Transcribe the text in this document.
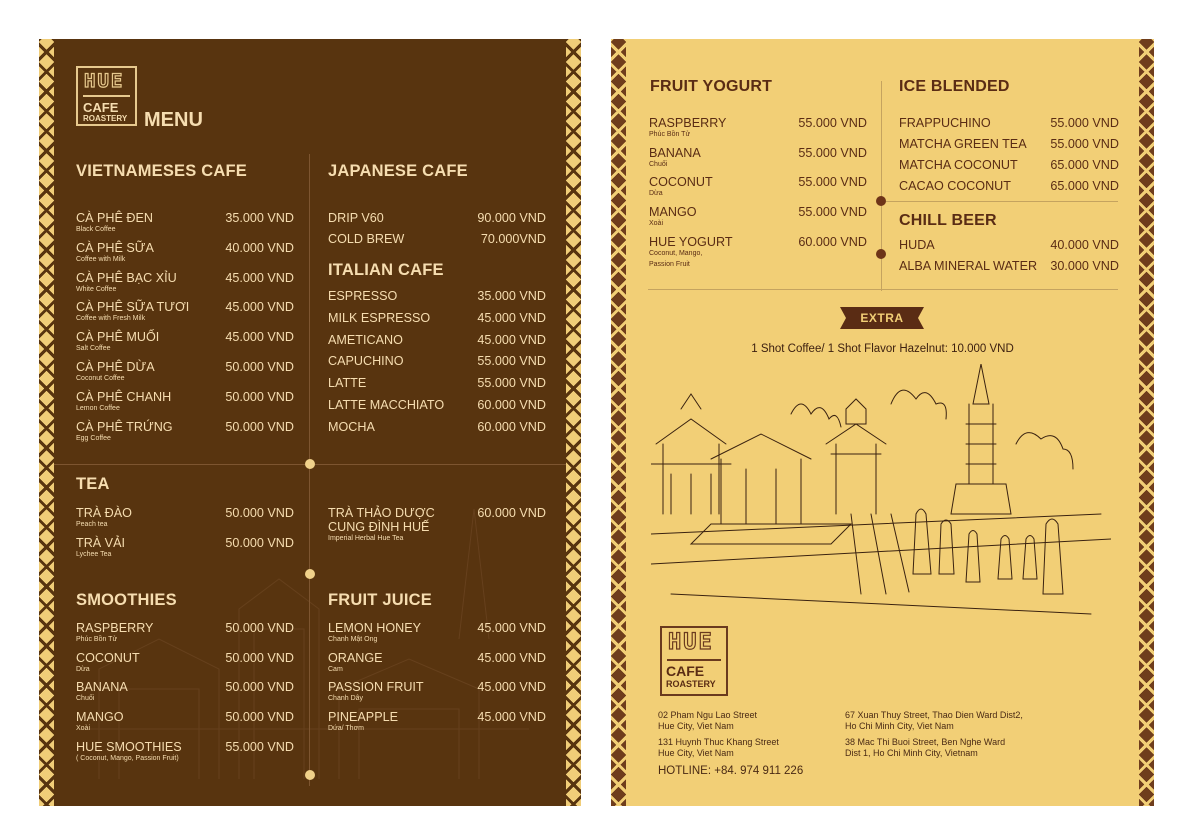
HUE
CAFE
ROASTERY MENU
VIETNAMESES CAFE
CÀ PHÊ ĐEN
Black Coffee
35.000 VND
CÀ PHÊ SỮA
Coffee with Milk
40.000 VND
CÀ PHÊ BẠC XỈU
White Coffee
45.000 VND
CÀ PHÊ SỮA TƯƠI
Coffee with Fresh Milk
45.000 VND
CÀ PHÊ MUỐI
Salt Coffee
45.000 VND
CÀ PHÊ DỪA
Coconut Coffee
50.000 VND
CÀ PHÊ CHANH
Lemon Coffee
50.000 VND
CÀ PHÊ TRỨNG
Egg Coffee
50.000 VND
JAPANESE CAFE
DRIP V60	90.000 VND
COLD BREW	70.000VND
ITALIAN CAFE
ESPRESSO	35.000 VND
MILK ESPRESSO	45.000 VND
AMETICANO	45.000 VND
CAPUCHINO	55.000 VND
LATTE	55.000 VND
LATTE MACCHIATO	60.000 VND
MOCHA	60.000 VND
TEA
TRÀ ĐÀO
Peach tea
50.000 VND
TRÀ VẢI
Lychee Tea
50.000 VND
TRÀ THẢO DƯỢC
CUNG ĐÌNH HUẾ
Imperial Herbal Hue Tea
60.000 VND
SMOOTHIES
RASPBERRY
Phúc Bồn Tử
50.000 VND
COCONUT
Dừa
50.000 VND
BANANA
Chuối
50.000 VND
MANGO
Xoài
50.000 VND
HUE SMOOTHIES
( Coconut, Mango, Passion Fruit)
55.000 VND
FRUIT JUICE
LEMON HONEY
Chanh Mật Ong
45.000 VND
ORANGE
Cam
45.000 VND
PASSION FRUIT
Chanh Dây
45.000 VND
PINEAPPLE
Dứa/ Thơm
45.000 VND
FRUIT YOGURT
RASPBERRY
Phúc Bồn Tử
55.000 VND
BANANA
Chuối
55.000 VND
COCONUT
Dừa
55.000 VND
MANGO
Xoài
55.000 VND
HUE YOGURT
Coconut, Mango,
60.000 VND
Passion Fruit
ICE BLENDED
FRAPPUCHINO	55.000 VND
MATCHA GREEN TEA	55.000 VND
MATCHA COCONUT	65.000 VND
CACAO COCONUT	65.000 VND
CHILL BEER
HUDA	40.000 VND
ALBA MINERAL WATER	30.000 VND
EXTRA
1 Shot Coffee/ 1 Shot Flavor Hazelnut: 10.000 VND
HUE
CAFE
ROASTERY
02 Pham Ngu Lao Street
Hue City, Viet Nam
131 Huynh Thuc Khang Street
Hue City, Viet Nam
67 Xuan Thuy Street, Thao Dien Ward Dist2,
Ho Chi Minh City, Viet Nam
38 Mac Thi Buoi Street, Ben Nghe Ward
Dist 1, Ho Chi Minh City, Vietnam
HOTLINE: +84. 974 911 226
